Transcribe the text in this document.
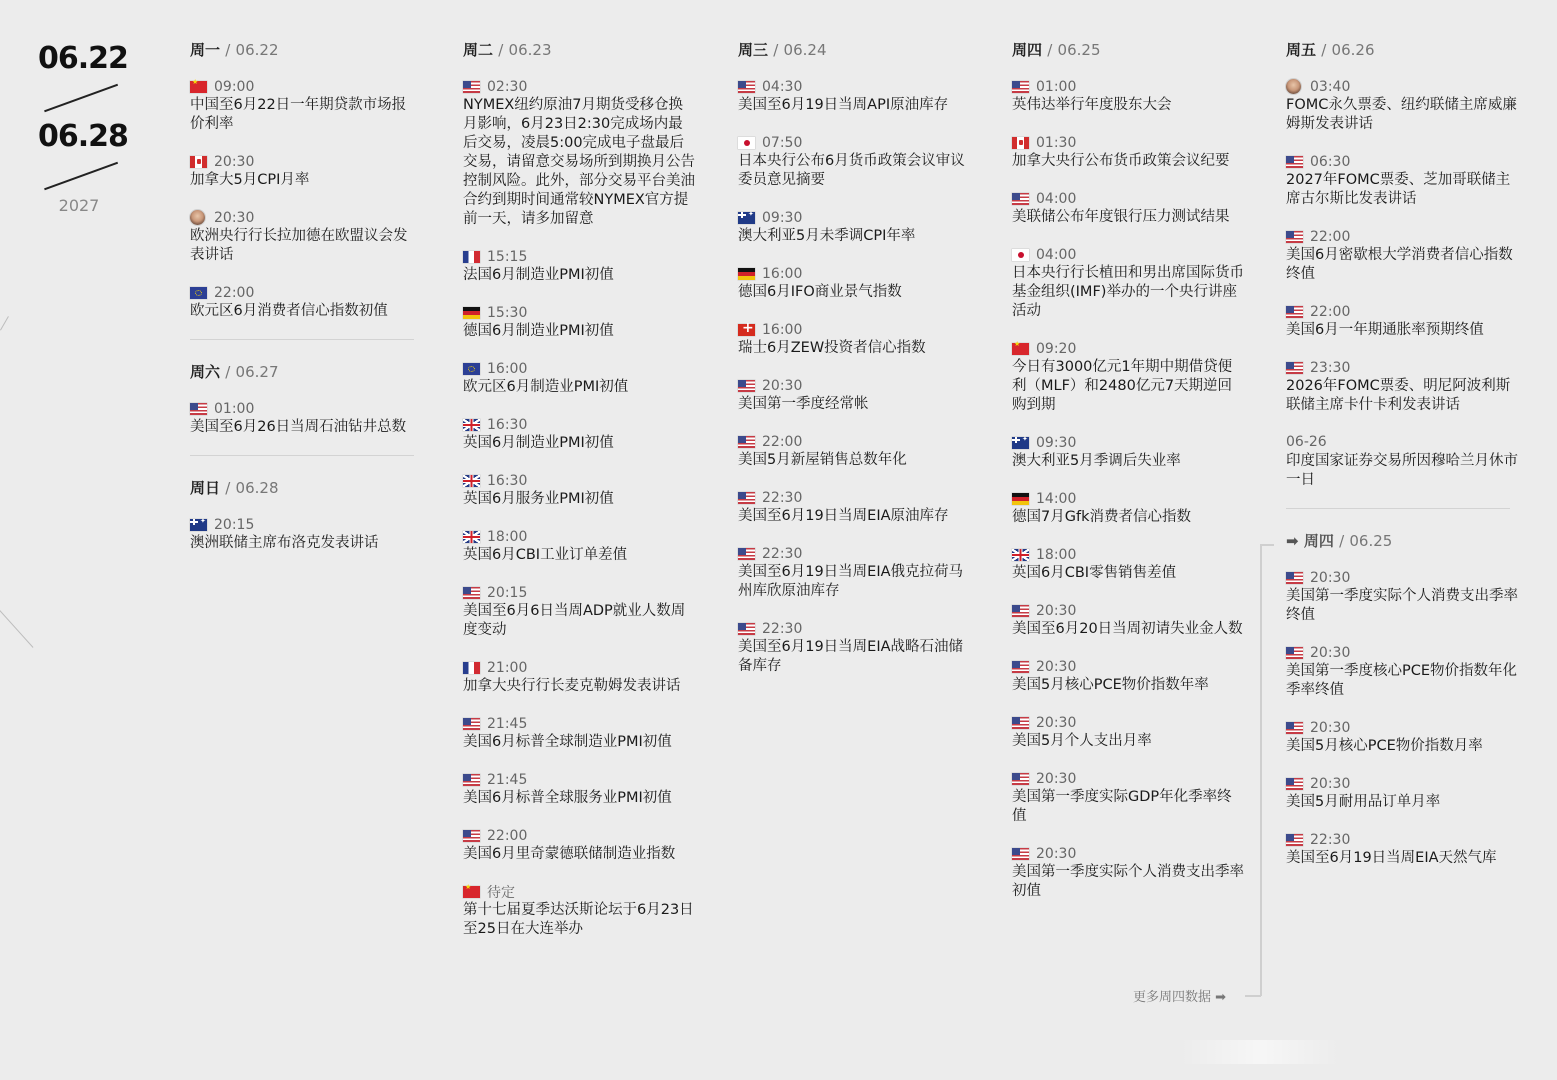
06.22
06.28
2027
周一 / 06.22
★
09:00
中国至6月22日一年期贷款市场报价利率
20:30
加拿大5月CPI月率
20:30
欧洲央行行长拉加德在欧盟议会发表讲话
22:00
欧元区6月消费者信心指数初值
周六 / 06.27
01:00
美国至6月26日当周石油钻井总数
周日 / 06.28
✦
20:15
澳洲联储主席布洛克发表讲话
周二 / 06.23
02:30
NYMEX纽约原油7月期货受移仓换月影响，6月23日2:30完成场内最后交易，凌晨5:00完成电子盘最后交易，请留意交易场所到期换月公告控制风险。此外，部分交易平台美油合约到期时间通常较NYMEX官方提前一天，请多加留意
15:15
法国6月制造业PMI初值
15:30
德国6月制造业PMI初值
16:00
欧元区6月制造业PMI初值
16:30
英国6月制造业PMI初值
16:30
英国6月服务业PMI初值
18:00
英国6月CBI工业订单差值
20:15
美国至6月6日当周ADP就业人数周度变动
21:00
加拿大央行行长麦克勒姆发表讲话
21:45
美国6月标普全球制造业PMI初值
21:45
美国6月标普全球服务业PMI初值
22:00
美国6月里奇蒙德联储制造业指数
★
待定
第十七届夏季达沃斯论坛于6月23日至25日在大连举办
周三 / 06.24
04:30
美国至6月19日当周API原油库存
07:50
日本央行公布6月货币政策会议审议委员意见摘要
✦
09:30
澳大利亚5月未季调CPI年率
16:00
德国6月IFO商业景气指数
+
16:00
瑞士6月ZEW投资者信心指数
20:30
美国第一季度经常帐
22:00
美国5月新屋销售总数年化
22:30
美国至6月19日当周EIA原油库存
22:30
美国至6月19日当周EIA俄克拉荷马州库欣原油库存
22:30
美国至6月19日当周EIA战略石油储备库存
周四 / 06.25
01:00
英伟达举行年度股东大会
01:30
加拿大央行公布货币政策会议纪要
04:00
美联储公布年度银行压力测试结果
04:00
日本央行行长植田和男出席国际货币基金组织(IMF)举办的一个央行讲座活动
★
09:20
今日有3000亿元1年期中期借贷便利（MLF）和2480亿元7天期逆回购到期
✦
09:30
澳大利亚5月季调后失业率
14:00
德国7月Gfk消费者信心指数
18:00
英国6月CBI零售销售差值
20:30
美国至6月20日当周初请失业金人数
20:30
美国5月核心PCE物价指数年率
20:30
美国5月个人支出月率
20:30
美国第一季度实际GDP年化季率终值
20:30
美国第一季度实际个人消费支出季率初值
周五 / 06.26
03:40
FOMC永久票委、纽约联储主席威廉姆斯发表讲话
06:30
2027年FOMC票委、芝加哥联储主席古尔斯比发表讲话
22:00
美国6月密歇根大学消费者信心指数终值
22:00
美国6月一年期通胀率预期终值
23:30
2026年FOMC票委、明尼阿波利斯联储主席卡什卡利发表讲话
06-26
印度国家证券交易所因穆哈兰月休市一日
➡ 周四 / 06.25
20:30
美国第一季度实际个人消费支出季率终值
20:30
美国第一季度核心PCE物价指数年化季率终值
20:30
美国5月核心PCE物价指数月率
20:30
美国5月耐用品订单月率
22:30
美国至6月19日当周EIA天然气库
更多周四数据 ➡
